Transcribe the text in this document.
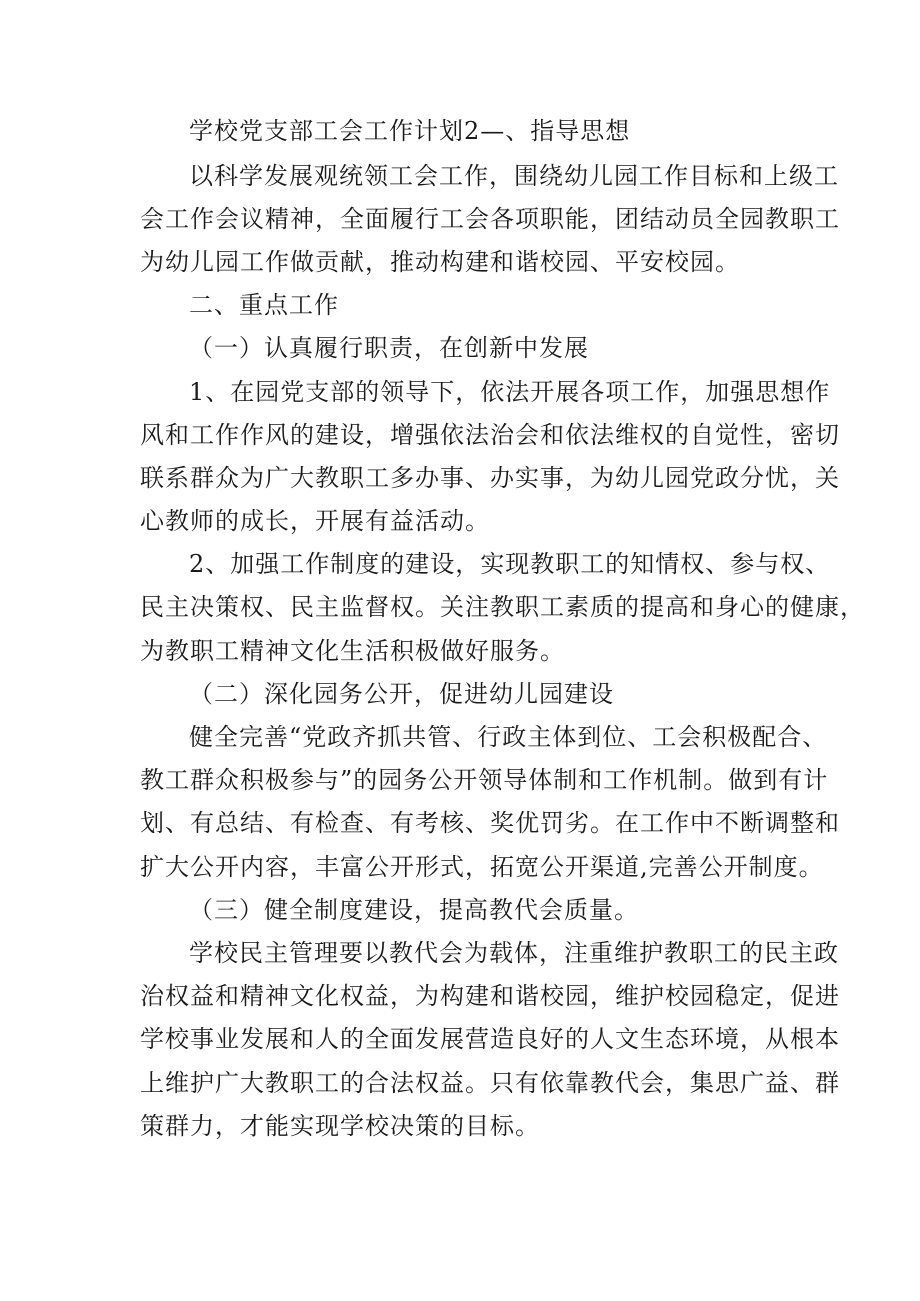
学校党支部工会工作计划2—、指导思想

以科学发展观统领工会工作，围绕幼儿园工作目标和上级工

会工作会议精神，全面履行工会各项职能，团结动员全园教职工

为幼儿园工作做贡献，推动构建和谐校园、平安校园。

二、重点工作

（一）认真履行职责，在创新中发展

1、在园党支部的领导下，依法开展各项工作，加强思想作

风和工作作风的建设，增强依法治会和依法维权的自觉性，密切

联系群众为广大教职工多办事、办实事，为幼儿园党政分忧，关

心教师的成长，开展有益活动。

2、加强工作制度的建设，实现教职工的知情权、参与权、

民主决策权、民主监督权。关注教职工素质的提高和身心的健康，

为教职工精神文化生活积极做好服务。

（二）深化园务公开，促进幼儿园建设

健全完善“党政齐抓共管、行政主体到位、工会积极配合、

教工群众积极参与”的园务公开领导体制和工作机制。做到有计

划、有总结、有检查、有考核、奖优罚劣。在工作中不断调整和

扩大公开内容，丰富公开形式，拓宽公开渠道,完善公开制度。

（三）健全制度建设，提高教代会质量。

学校民主管理要以教代会为载体，注重维护教职工的民主政

治权益和精神文化权益，为构建和谐校园，维护校园稳定，促进

学校事业发展和人的全面发展营造良好的人文生态环境，从根本

上维护广大教职工的合法权益。只有依靠教代会，集思广益、群

策群力，才能实现学校决策的目标。
